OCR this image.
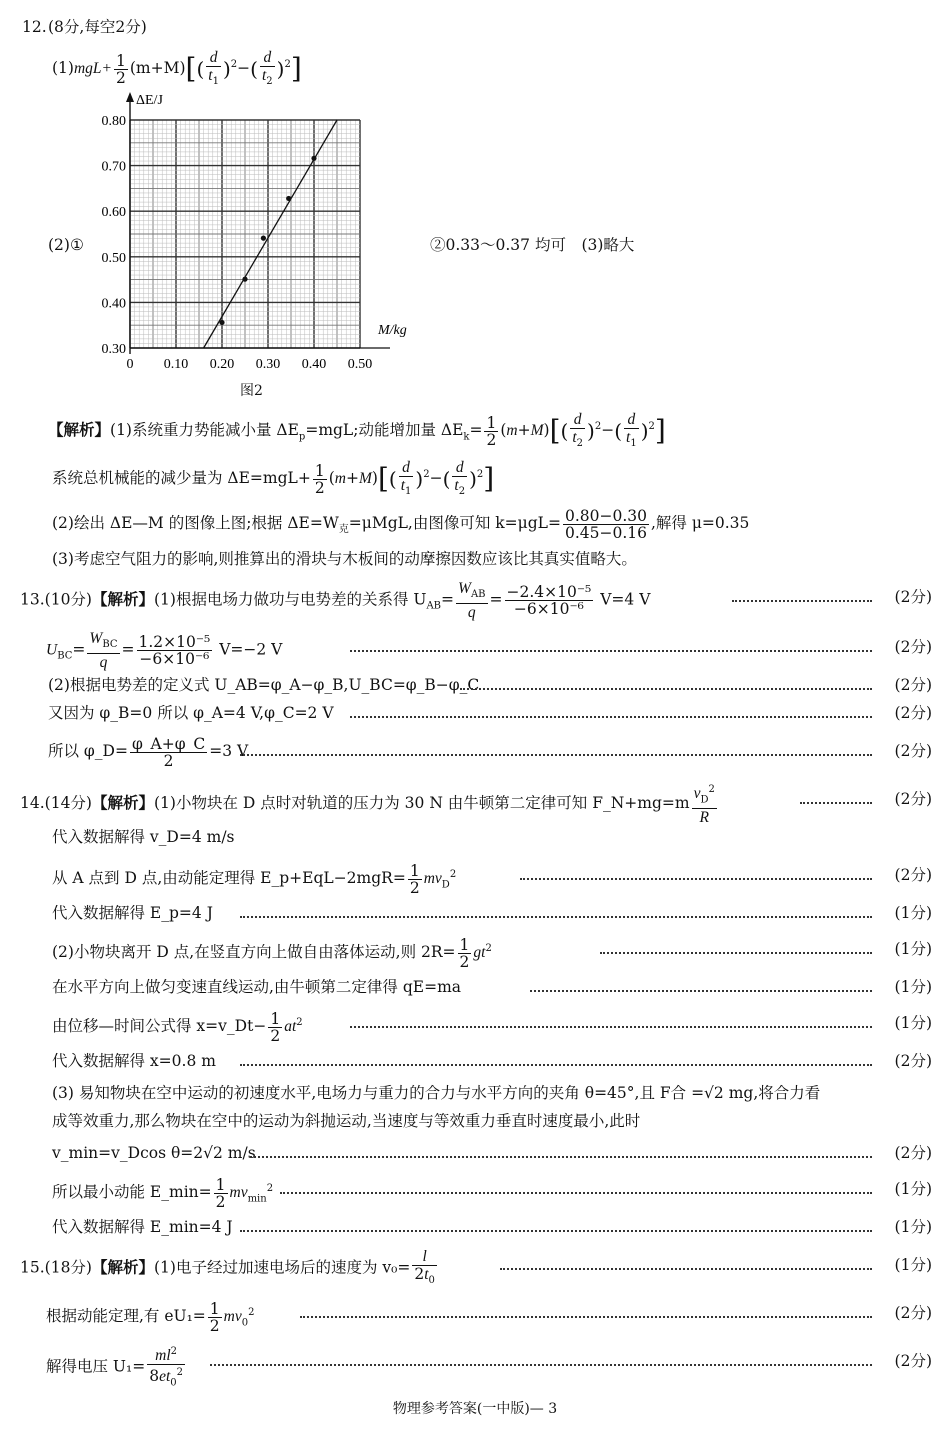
12. (8分,每空2分)
$(1)mgL+ \frac{1}{2} (m+M)[( \frac{d}{t_1} )^2-( \frac{d}{t_2} )^2]$
0 0.10 0.20 0.30 0.40 0.50
0.30
0.40
0.50
0.60
0.70
0.80
ΔE/J
M/kg
(2)①	②0.33～0.37 均可　(3)略大
图2
【解析】(1)系统重力势能减小量 $\Delta E_p=mgL$;动能增加量 $\Delta E_k= \frac{1}{2} (m+M)[( \frac{d}{t_2} )^2-( \frac{d}{t_1} )^2]$
系统总机械能的减少量为 $\Delta E=mgL+ \frac{1}{2} (m+M)[( \frac{d}{t_1} )^2-( \frac{d}{t_2} )^2]$
(2)绘出 ΔE—M 的图像上图;根据 $\Delta E=W_克=\mu MgL$,由图像可知 $k=\mu gL= \frac{0.80-0.30}{0.45-0.16}$ ,解得 μ=0.35
(3)考虑空气阻力的影响,则推算出的滑块与木板间的动摩擦因数应该比其真实值略大。
13.(10分)【解析】(1)根据电场力做功与电势差的关系得 $U_{AB}= \frac{W_{AB}}{q} = \frac{\text{−2.4×10⁻⁵}}{\text{−6×10⁻⁶}} V=4$ V	(2分)
$U_{BC}= \frac{W_{BC}}{q} = \frac{\text{1.2×10⁻⁵}}{\text{−6×10⁻⁶}} V=-2$ V	(2分)
(2)根据电势差的定义式 U_AB=φ_A−φ_B,U_BC=φ_B−φ_C	(2分)
又因为 φ_B=0 所以 φ_A=4 V,φ_C=2 V	(2分)
所以 φ_D= $\frac{\varphi\_A+\varphi\_C}{2} =3$ V	(2分)
14.(14分)【解析】(1)小物块在 D 点时对轨道的压力为 30 N 由牛顿第二定律可知 F_N+mg=m $\frac{v_D^2}{R}$	(2分)
代入数据解得 v_D=4 m/s
从 A 点到 D 点,由动能定理得 E_p+EqL−2mgR= $\frac{1}{2} mv_D^2$	(2分)
代入数据解得 E_p=4 J	(1分)
(2)小物块离开 D 点,在竖直方向上做自由落体运动,则 $2R= \frac{1}{2} gt^2$	(1分)
在水平方向上做匀变速直线运动,由牛顿第二定律得 qE=ma	(1分)
由位移—时间公式得 x=v_Dt− $\frac{1}{2} at^2$	(1分)
代入数据解得 x=0.8 m	(2分)
(3) 易知物块在空中运动的初速度水平,电场力与重力的合力与水平方向的夹角 θ=45°,且 F合 =√2 mg,将合力看
成等效重力,那么物块在空中的运动为斜抛运动,当速度与等效重力垂直时速度最小,此时
v_min=v_Dcos θ=2√2 m/s	(2分)
所以最小动能 E_min= $\frac{1}{2} mv_{min}^2$	(1分)
代入数据解得 E_min=4 J	(1分)
15.(18分)【解析】(1)电子经过加速电场后的速度为 $v_0= \frac{l}{2t_0}$	(1分)
根据动能定理,有 $eU_1= \frac{1}{2} mv_0^2$	(2分)
解得电压 $U_1= \frac{ml^2}{8et_0^2}$	(2分)
物理参考答案(一中版)— 3
